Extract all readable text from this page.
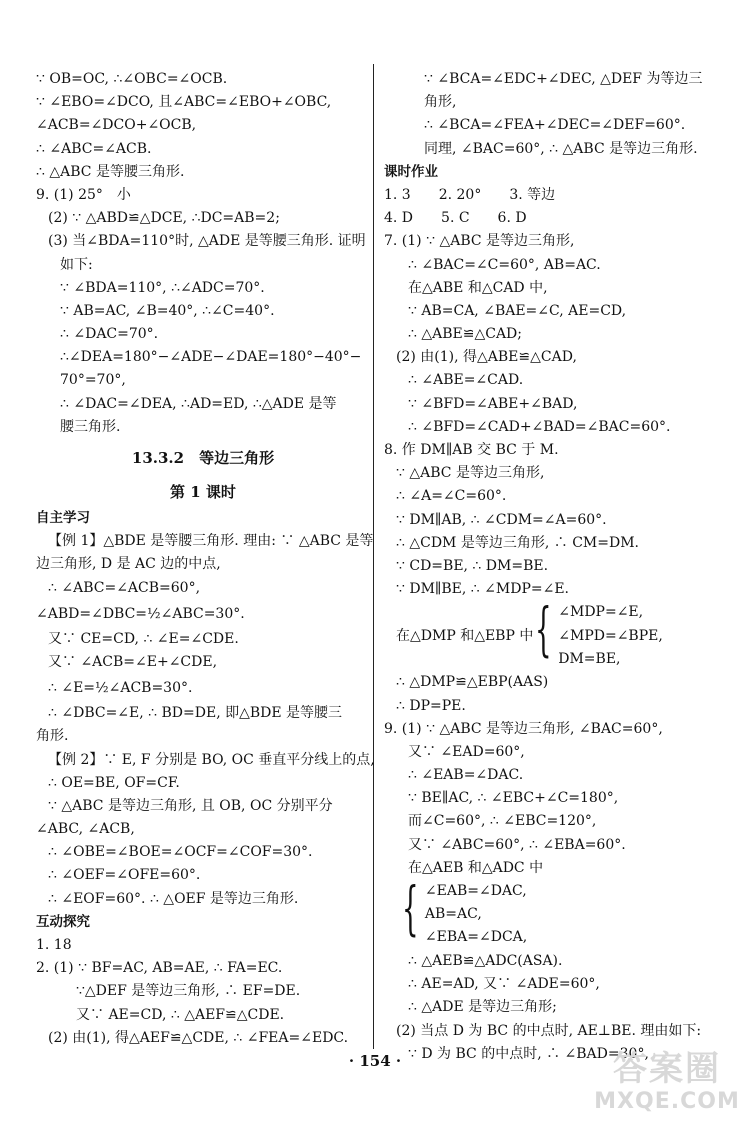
∵ OB=OC, ∴∠OBC=∠OCB.
∵ ∠EBO=∠DCO, 且∠ABC=∠EBO+∠OBC,
∠ACB=∠DCO+∠OCB,
∴ ∠ABC=∠ACB.
∴ △ABC 是等腰三角形.
9. (1) 25°　小
(2) ∵ △ABD≌△DCE, ∴DC=AB=2;
(3) 当∠BDA=110°时, △ADE 是等腰三角形. 证明
如下:
∵ ∠BDA=110°, ∴∠ADC=70°.
∵ AB=AC, ∠B=40°, ∴∠C=40°.
∴ ∠DAC=70°.
∴∠DEA=180°−∠ADE−∠DAE=180°−40°−
70°=70°,
∴ ∠DAC=∠DEA, ∴AD=ED, ∴△ADE 是等
腰三角形.
13.3.2　等边三角形
第 1 课时
自主学习
【例 1】△BDE 是等腰三角形. 理由: ∵ △ABC 是等
边三角形, D 是 AC 边的中点,
∴ ∠ABC=∠ACB=60°,
∠ABD=∠DBC=½∠ABC=30°.
又∵ CE=CD, ∴ ∠E=∠CDE.
又∵ ∠ACB=∠E+∠CDE,
∴ ∠E=½∠ACB=30°.
∴ ∠DBC=∠E, ∴ BD=DE, 即△BDE 是等腰三
角形.
【例 2】∵ E, F 分别是 BO, OC 垂直平分线上的点,
∴ OE=BE, OF=CF.
∵ △ABC 是等边三角形, 且 OB, OC 分别平分
∠ABC, ∠ACB,
∴ ∠OBE=∠BOE=∠OCF=∠COF=30°.
∴ ∠OEF=∠OFE=60°.
∴ ∠EOF=60°. ∴ △OEF 是等边三角形.
互动探究
1. 18
2. (1) ∵ BF=AC, AB=AE, ∴ FA=EC.
∵△DEF 是等边三角形, ∴ EF=DE.
又∵ AE=CD, ∴ △AEF≌△CDE.
(2) 由(1), 得△AEF≌△CDE, ∴ ∠FEA=∠EDC.
∵ ∠BCA=∠EDC+∠DEC, △DEF 为等边三
角形,
∴ ∠BCA=∠FEA+∠DEC=∠DEF=60°.
同理, ∠BAC=60°, ∴ △ABC 是等边三角形.
课时作业
1. 3　　2. 20°　　3. 等边
4. D　　5. C　　6. D
7. (1) ∵ △ABC 是等边三角形,
∴ ∠BAC=∠C=60°, AB=AC.
在△ABE 和△CAD 中,
∵ AB=CA, ∠BAE=∠C, AE=CD,
∴ △ABE≌△CAD;
(2) 由(1), 得△ABE≌△CAD,
∴ ∠ABE=∠CAD.
∵ ∠BFD=∠ABE+∠BAD,
∴ ∠BFD=∠CAD+∠BAD=∠BAC=60°.
8. 作 DM∥AB 交 BC 于 M.
∵ △ABC 是等边三角形,
∴ ∠A=∠C=60°.
∵ DM∥AB, ∴ ∠CDM=∠A=60°.
∴ △CDM 是等边三角形, ∴ CM=DM.
∵ CD=BE, ∴ DM=BE.
∵ DM∥BE, ∴ ∠MDP=∠E.
在△DMP 和△EBP 中 { ∠MDP=∠E,
∠MPD=∠BPE,
DM=BE,
∴ △DMP≌△EBP(AAS)
∴ DP=PE.
9. (1) ∵ △ABC 是等边三角形, ∠BAC=60°,
又∵ ∠EAD=60°,
∴ ∠EAB=∠DAC.
∵ BE∥AC, ∴ ∠EBC+∠C=180°,
而∠C=60°, ∴ ∠EBC=120°,
又∵ ∠ABC=60°, ∴ ∠EBA=60°.
在△AEB 和△ADC 中
{ ∠EAB=∠DAC,
AB=AC,
∠EBA=∠DCA,
∴ △AEB≌△ADC(ASA).
∴ AE=AD, 又∵ ∠ADE=60°,
∴ △ADE 是等边三角形;
(2) 当点 D 为 BC 的中点时, AE⊥BE. 理由如下:
∵ D 为 BC 的中点时, ∴ ∠BAD=30°,
· 154 ·	答案圈
MXQE.COM
